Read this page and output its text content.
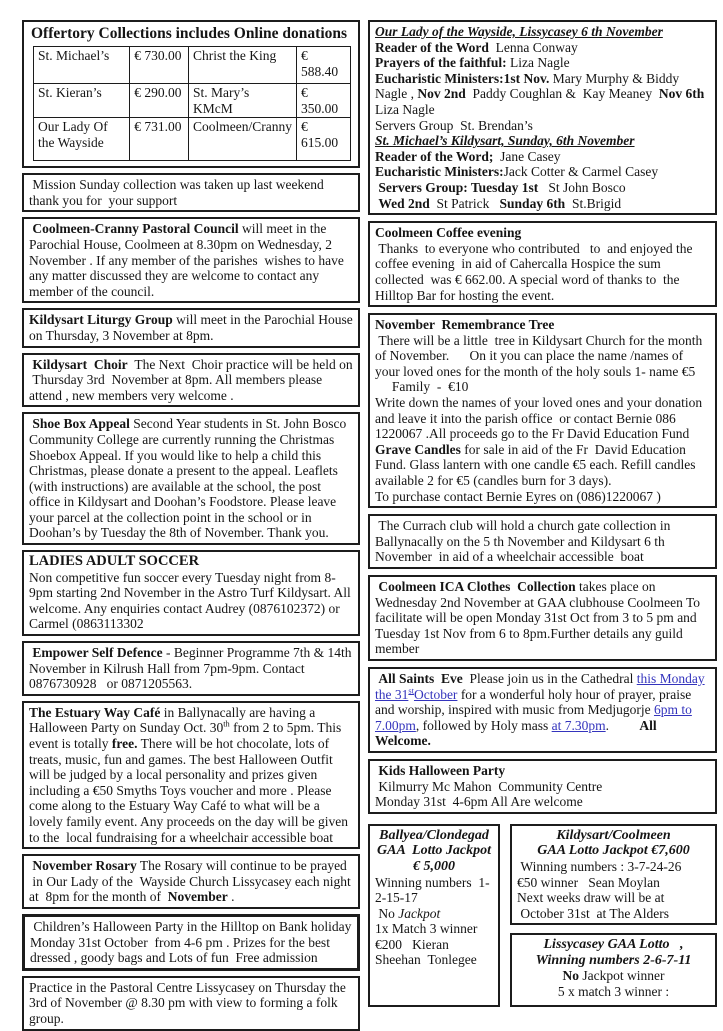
Offertory Collections includes Online donations
St. Michael’s	€ 730.00	Christ the King	€ 588.40
St. Kieran’s	€ 290.00	St. Mary’s KMcM	€ 350.00
Our Lady Of the Wayside	€ 731.00	Coolmeen/Cranny	€ 615.00

Mission Sunday collection was taken up last weekend thank you for  your support

Coolmeen-Cranny Pastoral Council will meet in the Parochial House, Coolmeen at 8.30pm on Wednesday, 2 November . If any member of the parishes  wishes to have any matter discussed they are welcome to contact any member of the council.

Kildysart Liturgy Group will meet in the Parochial House on Thursday, 3 November at 8pm.

Kildysart  Choir  The Next  Choir practice will be held on  Thursday 3rd  November at 8pm. All members please attend , new members very welcome .

Shoe Box Appeal Second Year students in St. John Bosco Community College are currently running the Christmas Shoebox Appeal. If you would like to help a child this Christmas, please donate a present to the appeal. Leaflets (with instructions) are available at the school, the post office in Kildysart and Doohan’s Foodstore. Please leave your parcel at the collection point in the school or in Doohan’s by Tuesday the 8th of November. Thank you.

LADIES ADULT SOCCER

Non competitive fun soccer every Tuesday night from 8-9pm starting 2nd November in the Astro Turf Kildysart. All welcome. Any enquiries contact Audrey (0876102372) or Carmel (0863113302

Empower Self Defence - Beginner Programme 7th & 14th November in Kilrush Hall from 7pm-9pm. Contact 0876730928   or 0871205563.

The Estuary Way Café in Ballynacally are having a Halloween Party on Sunday Oct. 30th from 2 to 5pm. This event is totally free. There will be hot chocolate, lots of treats, music, fun and games. The best Halloween Outfit will be judged by a local personality and prizes given including a €50 Smyths Toys voucher and more . Please come along to the Estuary Way Café to what will be a lovely family event. Any proceeds on the day will be given to the  local fundraising for a wheelchair accessible boat

November Rosary The Rosary will continue to be prayed  in Our Lady of the  Wayside Church Lissycasey each night at  8pm for the month of  November .

Children’s Halloween Party in the Hilltop on Bank holiday Monday 31st October  from 4-6 pm . Prizes for the best dressed , goody bags and Lots of fun  Free admission

Practice in the Pastoral Centre Lissycasey on Thursday the 3rd of November @ 8.30 pm with view to forming a folk group.

Our Lady of the Wayside, Lissycasey 6 th November

Reader of the Word  Lenna Conway

Prayers of the faithful: Liza Nagle

Eucharistic Ministers:1st Nov. Mary Murphy & Biddy Nagle , Nov 2nd  Paddy Coughlan &  Kay Meaney  Nov 6th Liza Nagle

Servers Group  St. Brendan’s

St. Michael’s Kildysart, Sunday, 6th November

Reader of the Word;  Jane Casey

Eucharistic Ministers:Jack Cotter & Carmel Casey

Servers Group: Tuesday 1st   St John Bosco

Wed 2nd  St Patrick   Sunday 6th  St.Brigid

Coolmeen Coffee evening

Thanks  to everyone who contributed   to  and enjoyed the coffee evening  in aid of Cahercalla Hospice the sum collected  was € 662.00. A special word of thanks to  the Hilltop Bar for hosting the event.

November  Remembrance Tree

There will be a little  tree in Kildysart Church for the month of November.      On it you can place the name /names of your loved ones for the month of the holy souls 1- name €5      Family  -  €10

Write down the names of your loved ones and your donation and leave it into the parish office  or contact Bernie 086 1220067 .All proceeds go to the Fr David Education Fund

Grave Candles for sale in aid of the Fr  David Education Fund. Glass lantern with one candle €5 each. Refill candles available 2 for €5 (candles burn for 3 days).

To purchase contact Bernie Eyres on (086)1220067 )

The Currach club will hold a church gate collection in Ballynacally on the 5 th November and Kildysart 6 th November  in aid of a wheelchair accessible  boat

Coolmeen ICA Clothes  Collection takes place on Wednesday 2nd November at GAA clubhouse Coolmeen To facilitate will be open Monday 31st Oct from 3 to 5 pm and Tuesday 1st Nov from 6 to 8pm.Further details any guild member

All Saints  Eve  Please join us in the Cathedral this Monday the 31stOctober for a wonderful holy hour of prayer, praise and worship, inspired with music from Medjugorje 6pm to 7.00pm, followed by Holy mass at 7.30pm.         All Welcome.

Kids Halloween Party

Kilmurry Mc Mahon  Community Centre

Monday 31st  4-6pm All Are welcome

Ballyea/Clondegad

GAA  Lotto Jackpot

€ 5,000

Winning numbers  1-2-15-17

No Jackpot

1x Match 3 winner

€200   Kieran Sheehan  Tonlegee

Kildysart/Coolmeen

GAA Lotto Jackpot €7,600

Winning numbers : 3-7-24-26

€50 winner   Sean Moylan

Next weeks draw will be at

October 31st  at The Alders

Lissycasey GAA Lotto   ,

Winning numbers 2-6-7-11

No Jackpot winner

5 x match 3 winner :
